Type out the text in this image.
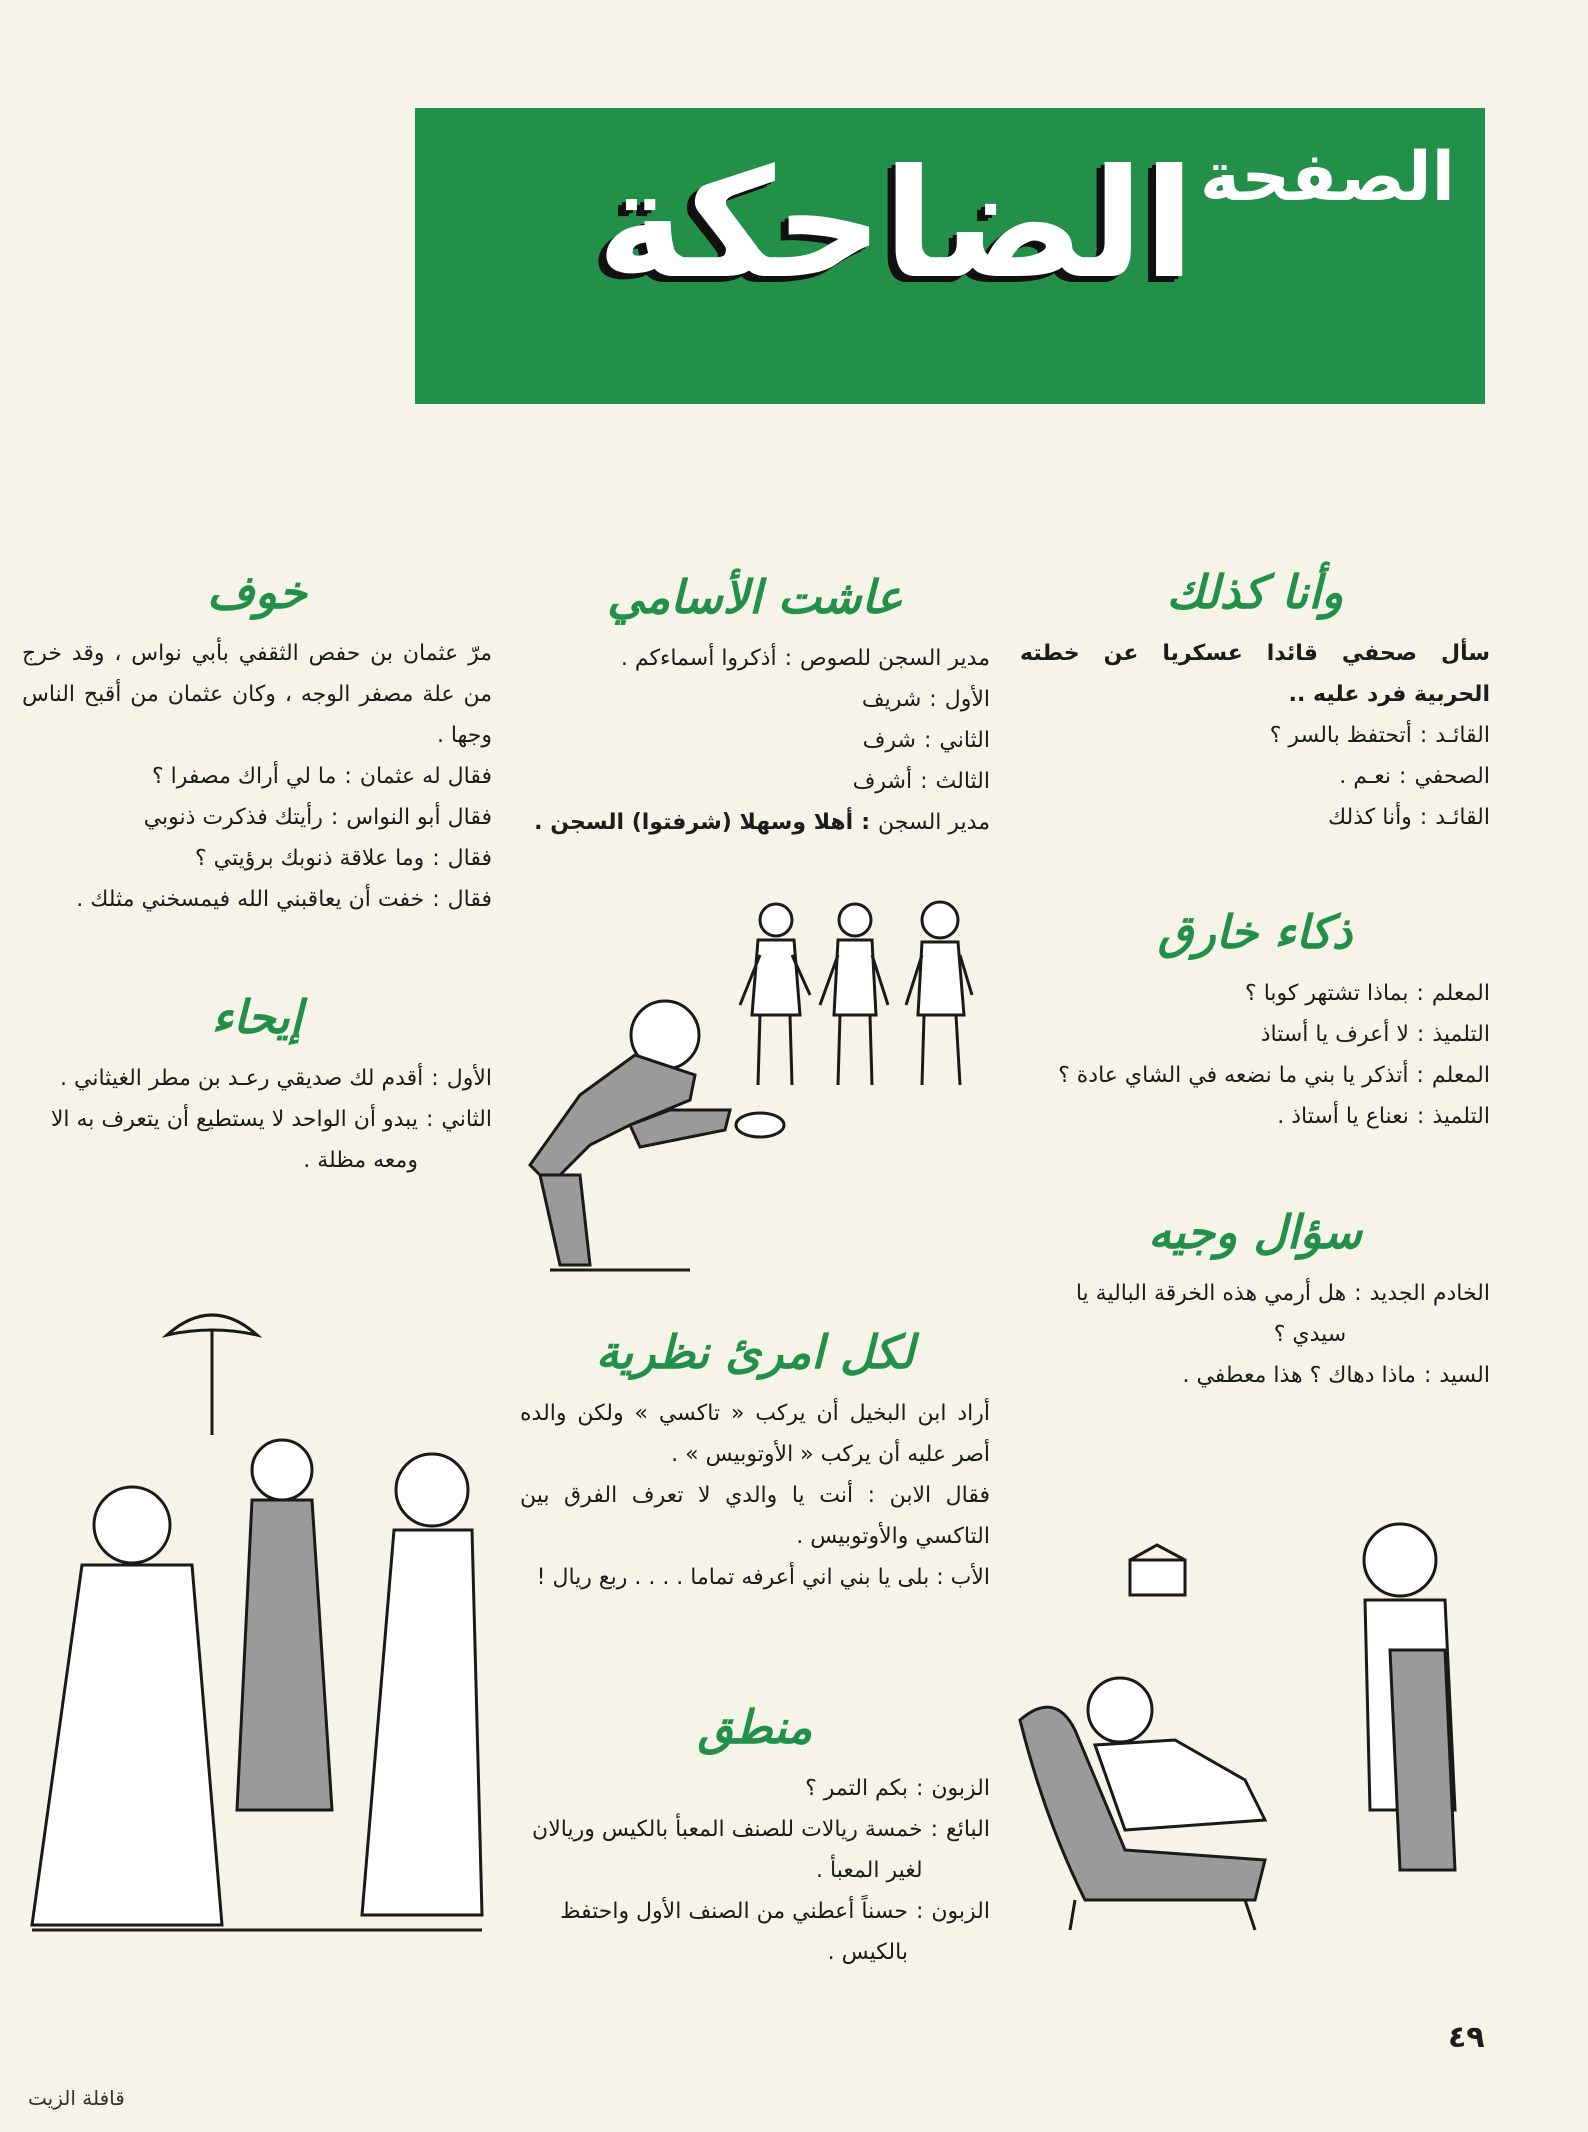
الصفحة الضاحكة
وأنا كذلك

سأل صحفي قائدا عسكريا عن خطته الحربية فرد عليه ..

القائـد
:
أتحتفظ بالسر ؟
الصحفي
:
نعـم .
القائـد
:
وأنا كذلك
ذكاء خارق
المعلم
:
بماذا تشتهر كوبا ؟
التلميذ
:
لا أعرف يا أستاذ
المعلم
:
أتذكر يا بني ما نضعه في الشاي عادة ؟
التلميذ
:
نعناع يا أستاذ .
سؤال وجيه
الخادم الجديد
:
هل أرمي هذه الخرقة البالية يا سيدي ؟
السيد
:
ماذا دهاك ؟ هذا معطفي .
عاشت الأسامي
مدير السجن للصوص
:
أذكروا أسماءكم .
الأول
:
شريف
الثاني
:
شرف
الثالث
:
أشرف
مدير السجن
:
أهلا وسهلا (شرفتوا) السجن .
لكل امرئ نظرية

أراد ابن البخيل أن يركب « تاكسي » ولكن والده أصر عليه أن يركب « الأوتوبيس » .

فقال الابن : أنت يا والدي لا تعرف الفرق بين التاكسي والأوتوبيس .

الأب : بلى يا بني اني أعرفه تماما . . . . ربع ريال !

منطق
الزبون
:
بكم التمر ؟
البائع
:
خمسة ريالات للصنف المعبأ بالكيس وريالان لغير المعبأ .
الزبون
:
حسناً أعطني من الصنف الأول واحتفظ بالكيس .
خوف

مرّ عثمان بن حفص الثقفي بأبي نواس ، وقد خرج من علة مصفر الوجه ، وكان عثمان من أقبح الناس وجها .

فقال له عثمان
:
ما لي أراك مصفرا ؟
فقال أبو النواس
:
رأيتك فذكرت ذنوبي
فقال
:
وما علاقة ذنوبك برؤيتي ؟
فقال
:
خفت أن يعاقبني الله فيمسخني مثلك .
إيحاء
الأول
:
أقدم لك صديقي رعـد بن مطر الغيثاني .
الثاني
:
يبدو أن الواحد لا يستطيع أن يتعرف به الا ومعه مظلة .
٤٩
قافلة الزيت
